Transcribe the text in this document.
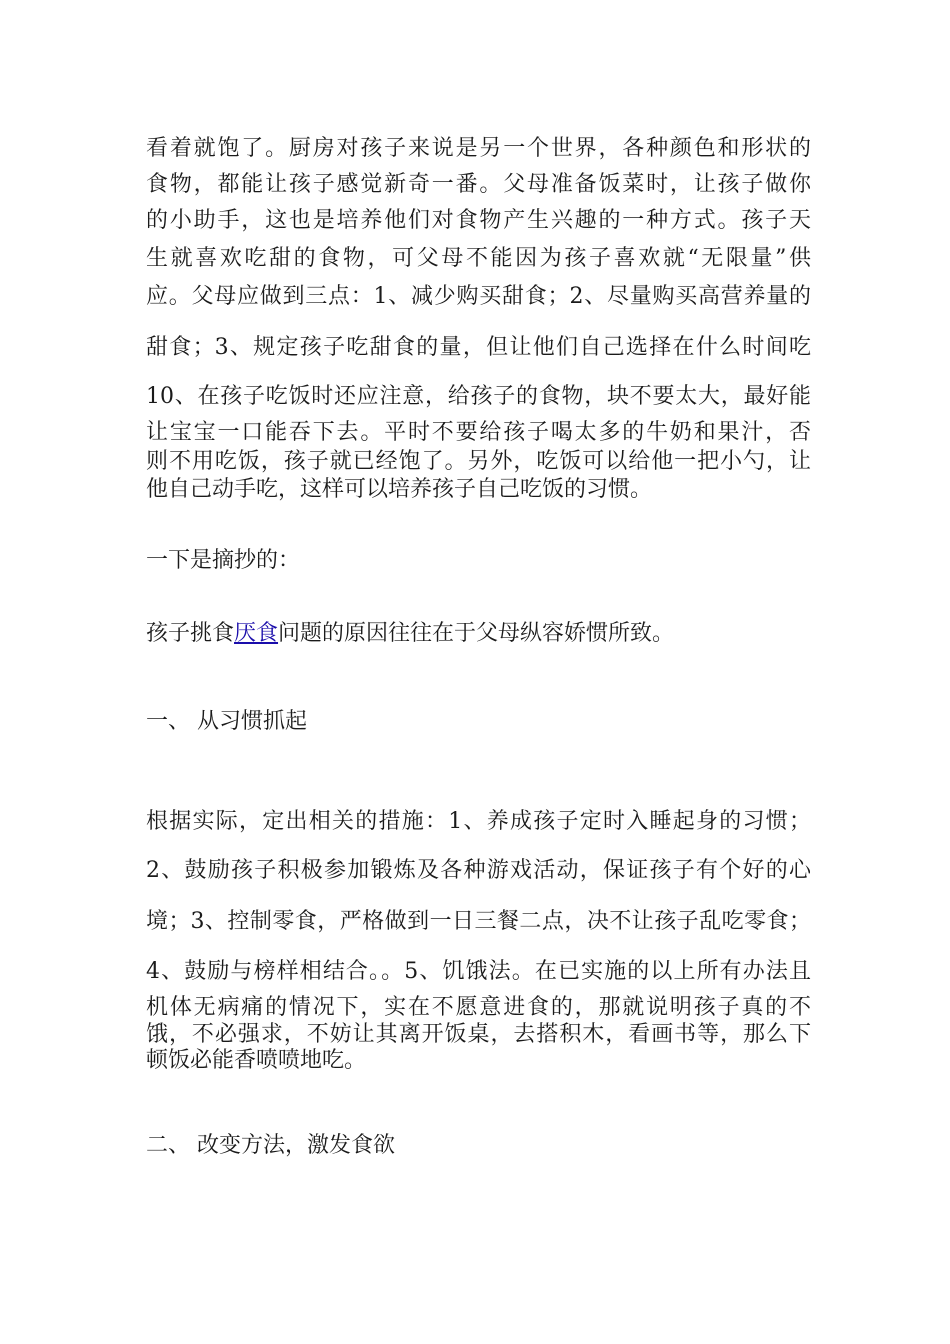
看着就饱了。厨房对孩子来说是另一个世界，各种颜色和形状的
食物，都能让孩子感觉新奇一番。父母准备饭菜时，让孩子做你
的小助手，这也是培养他们对食物产生兴趣的一种方式。孩子天
生就喜欢吃甜的食物，可父母不能因为孩子喜欢就“无限量”供
应。父母应做到三点：1、减少购买甜食；2、尽量购买高营养量的
甜食；3、规定孩子吃甜食的量，但让他们自己选择在什么时间吃
10、在孩子吃饭时还应注意，给孩子的食物，块不要太大，最好能
让宝宝一口能吞下去。平时不要给孩子喝太多的牛奶和果汁，否
则不用吃饭，孩子就已经饱了。另外，吃饭可以给他一把小勺，让
他自己动手吃，这样可以培养孩子自己吃饭的习惯。
一下是摘抄的：
孩子挑食厌食问题的原因往往在于父母纵容娇惯所致。
一、 从习惯抓起
根据实际，定出相关的措施：1、养成孩子定时入睡起身的习惯；
2、鼓励孩子积极参加锻炼及各种游戏活动，保证孩子有个好的心
境；3、控制零食，严格做到一日三餐二点，决不让孩子乱吃零食；
4、鼓励与榜样相结合。。5、饥饿法。在已实施的以上所有办法且
机体无病痛的情况下，实在不愿意进食的，那就说明孩子真的不
饿，不必强求，不妨让其离开饭桌，去搭积木，看画书等，那么下
顿饭必能香喷喷地吃。
二、 改变方法，激发食欲
